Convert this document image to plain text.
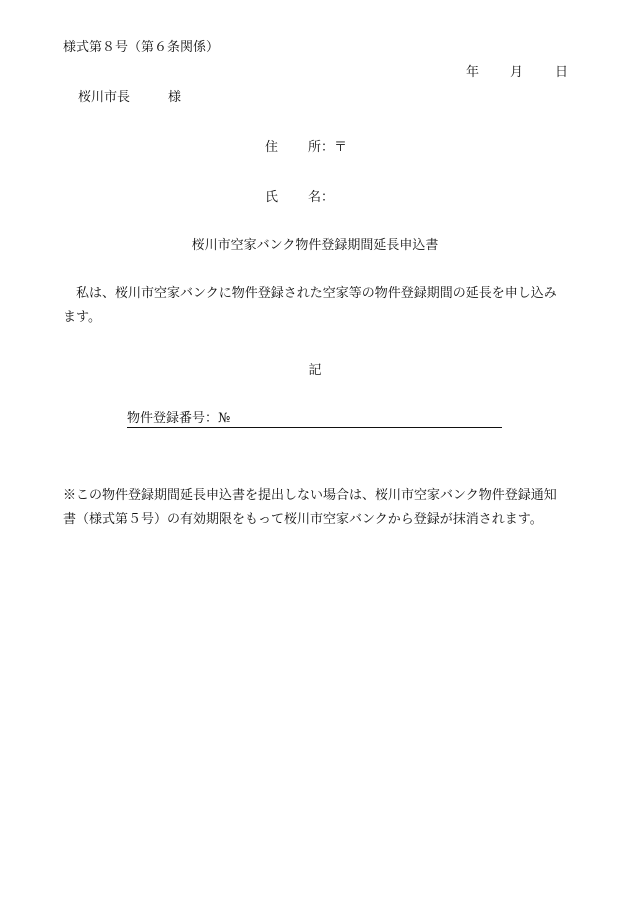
様式第８号（第６条関係）
年 月 日
桜川市長	様
住 所：〒
氏 名：
桜川市空家バンク物件登録期間延長申込書
私は、桜川市空家バンクに物件登録された空家等の物件登録期間の延長を申し込みます。
記
物件登録番号：№
※この物件登録期間延長申込書を提出しない場合は、桜川市空家バンク物件登録通知書（様式第５号）の有効期限をもって桜川市空家バンクから登録が抹消されます。
